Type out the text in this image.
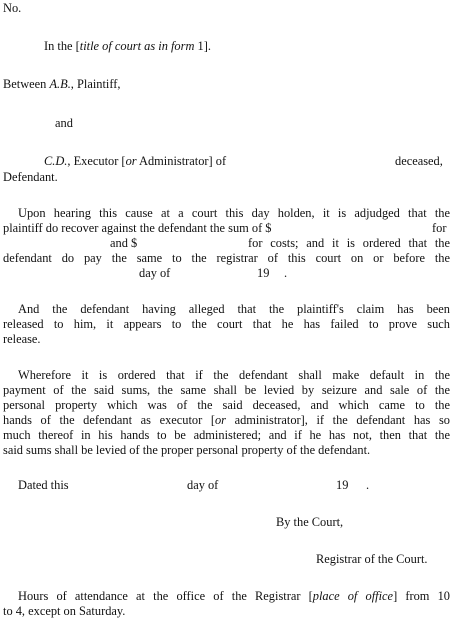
No.
In the [title of court as in form 1].
Between A.B., Plaintiff,
and
C.D., Executor [or Administrator] of	deceased,
Defendant.
Upon hearing this cause at a court this day holden, it is adjudged that the
plaintiff do recover against the defendant the sum of $	for
and $	for costs; and it is ordered that the
defendant do pay the same to the registrar of this court on or before the
day of	19 .
And the defendant having alleged that the plaintiff's claim has been
released to him, it appears to the court that he has failed to prove such
release.
Wherefore it is ordered that if the defendant shall make default in the
payment of the said sums, the same shall be levied by seizure and sale of the
personal property which was of the said deceased, and which came to the
hands of the defendant as executor [or administrator], if the defendant has so
much thereof in his hands to be administered; and if he has not, then that the
said sums shall be levied of the proper personal property of the defendant.
Dated this	day of	19 .
By the Court,
Registrar of the Court.
Hours of attendance at the office of the Registrar [place of office] from 10
to 4, except on Saturday.
